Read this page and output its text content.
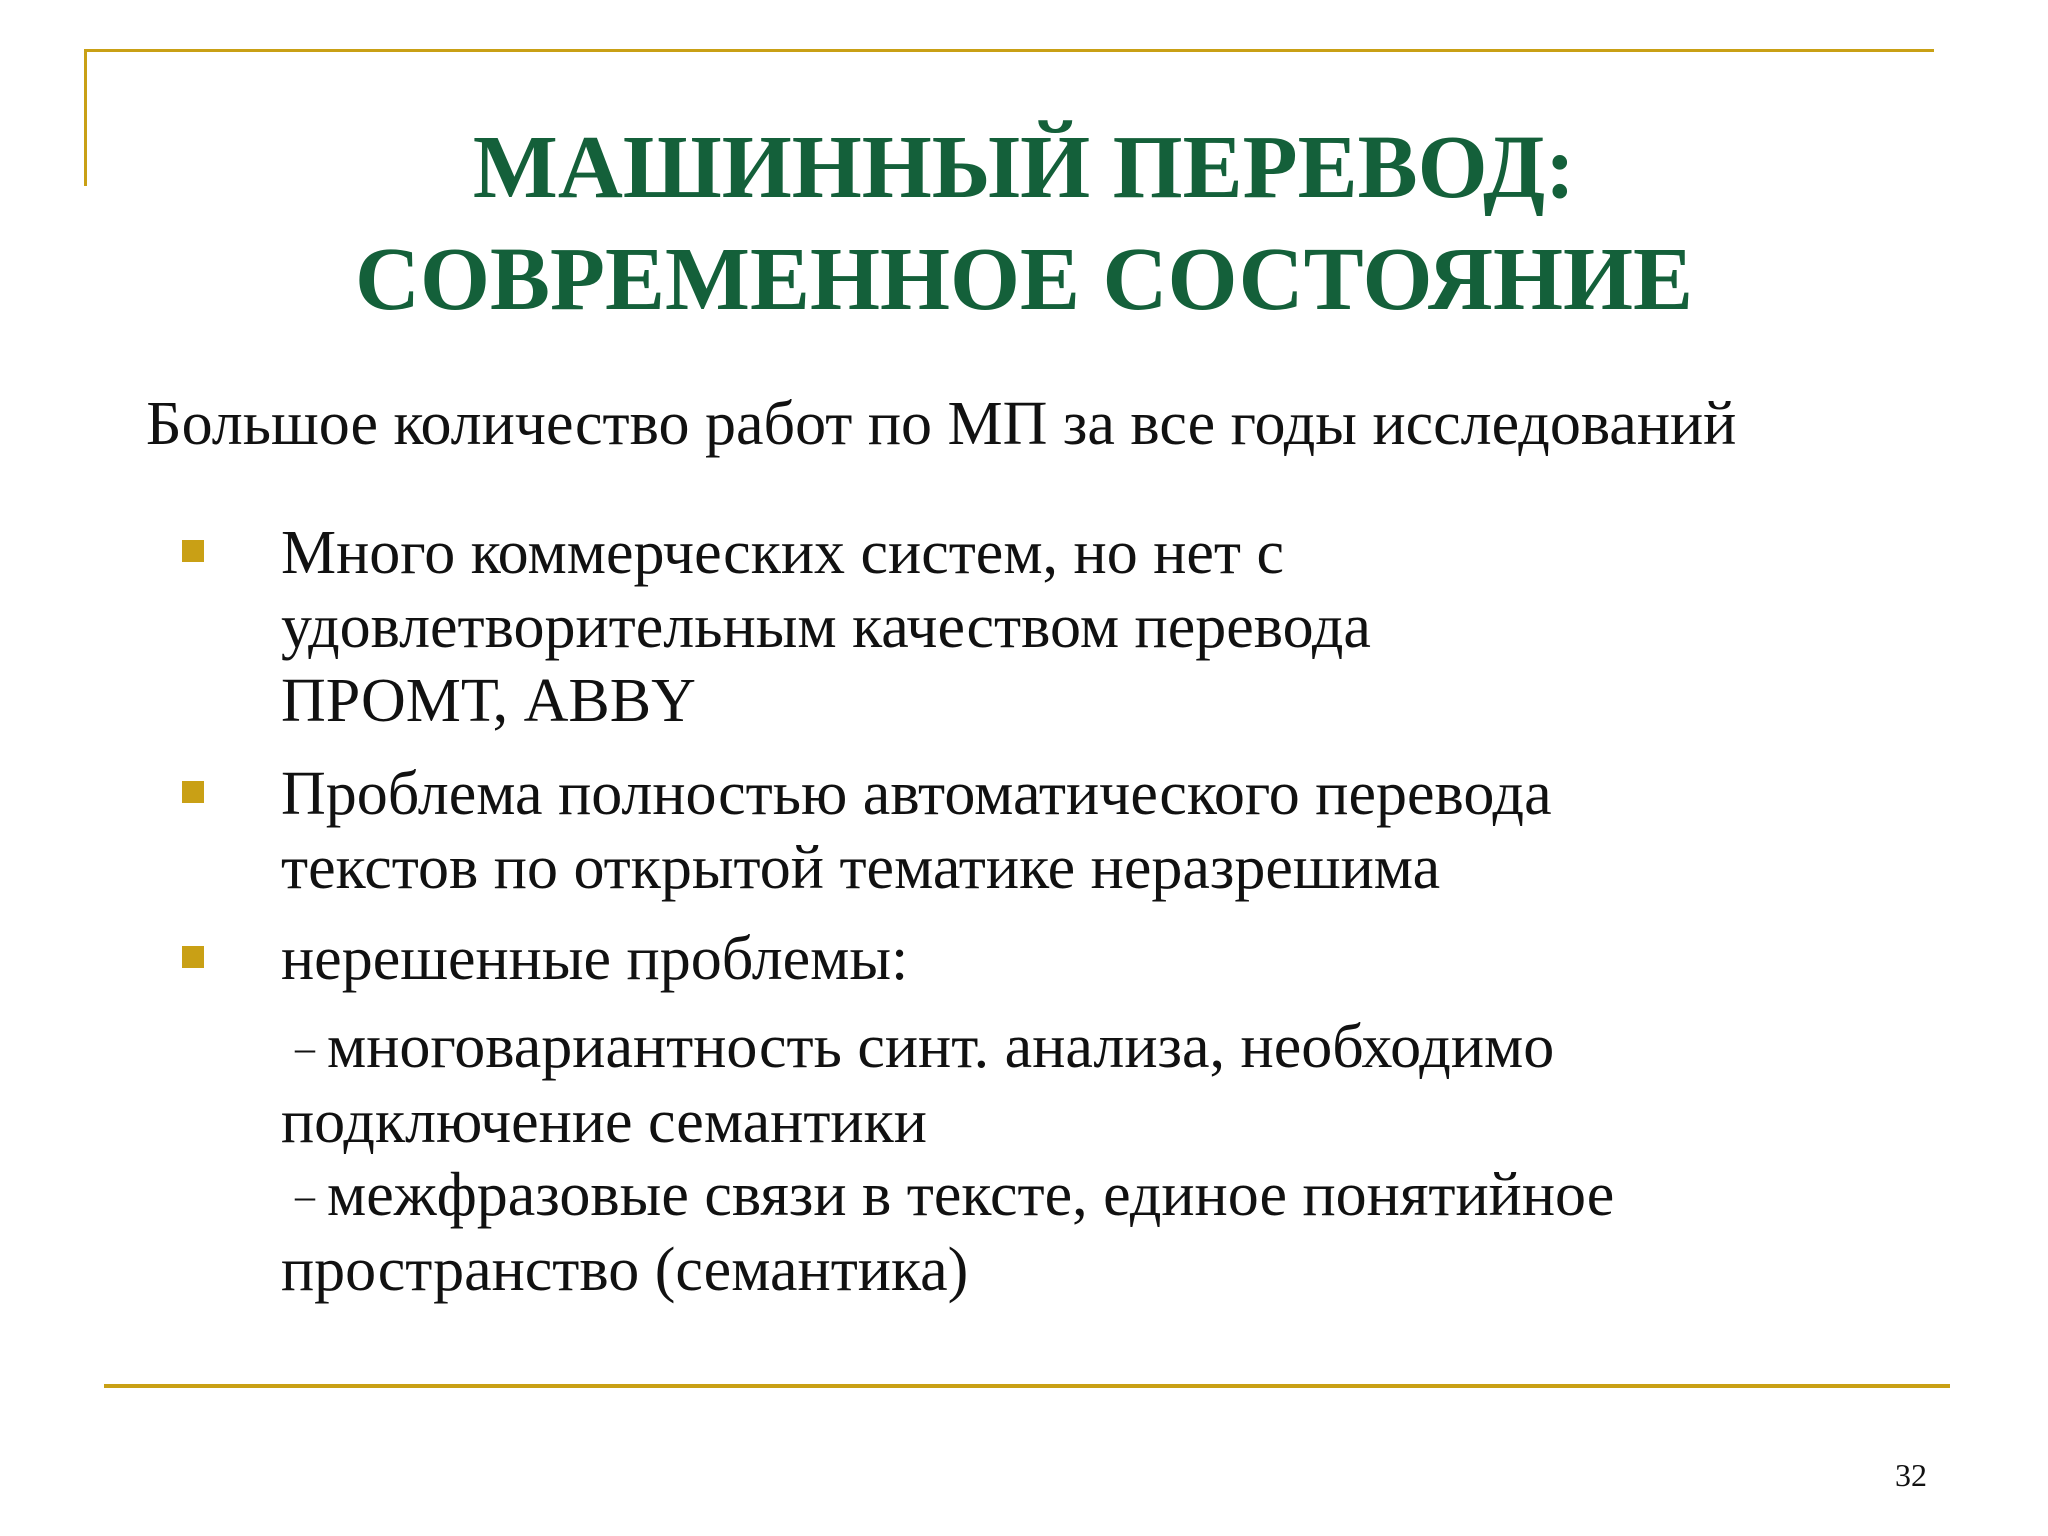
МАШИННЫЙ ПЕРЕВОД:
СОВРЕМЕННОЕ СОСТОЯНИЕ
Большое количество работ по МП за все годы исследований
Много коммерческих систем, но нет с
удовлетворительным качеством перевода
ПРОМТ, ABBY
Проблема полностью автоматического перевода
текстов по открытой тематике неразрешима
нерешенные проблемы:
– многовариантность синт. анализа, необходимо
подключение семантики
– межфразовые связи в тексте, единое понятийное
пространство (семантика)
32
